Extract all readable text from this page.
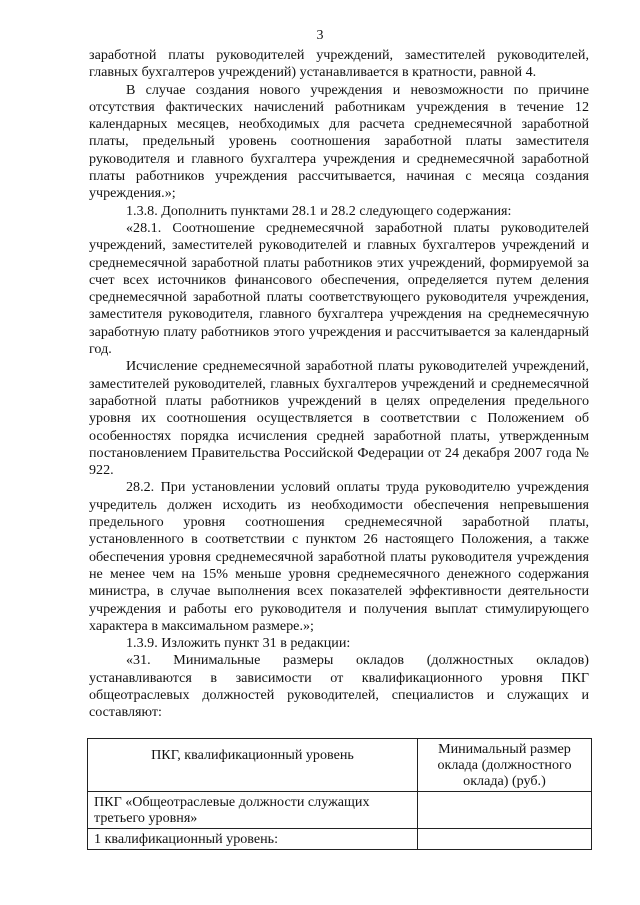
3

заработной платы руководителей учреждений, заместителей руководителей, главных бухгалтеров учреждений) устанавливается в кратности, равной 4.

В случае создания нового учреждения и невозможности по причине отсутствия фактических начислений работникам учреждения в течение 12 календарных месяцев, необходимых для расчета среднемесячной заработной платы, предельный уровень соотношения заработной платы заместителя руководителя и главного бухгалтера учреждения и среднемесячной заработной платы работников учреждения рассчитывается, начиная с месяца создания учреждения.»;

1.3.8. Дополнить пунктами 28.1 и 28.2 следующего содержания:

«28.1. Соотношение среднемесячной заработной платы руководителей учреждений, заместителей руководителей и главных бухгалтеров учреждений и среднемесячной заработной платы работников этих учреждений, формируемой за счет всех источников финансового обеспечения, определяется путем деления среднемесячной заработной платы соответствующего руководителя учреждения, заместителя руководителя, главного бухгалтера учреждения на среднемесячную заработную плату работников этого учреждения и рассчитывается за календарный год.

Исчисление среднемесячной заработной платы руководителей учреждений, заместителей руководителей, главных бухгалтеров учреждений и среднемесячной заработной платы работников учреждений в целях определения предельного уровня их соотношения осуществляется в соответствии с Положением об особенностях порядка исчисления средней заработной платы, утвержденным постановлением Правительства Российской Федерации от 24 декабря 2007 года № 922.

28.2. При установлении условий оплаты труда руководителю учреждения учредитель должен исходить из необходимости обеспечения непревышения предельного уровня соотношения среднемесячной заработной платы, установленного в соответствии с пунктом 26 настоящего Положения, а также обеспечения уровня среднемесячной заработной платы руководителя учреждения не менее чем на 15% меньше уровня среднемесячного денежного содержания министра, в случае выполнения всех показателей эффективности деятельности учреждения и работы его руководителя и получения выплат стимулирующего характера в максимальном размере.»;

1.3.9. Изложить пункт 31 в редакции:

«31. Минимальные размеры окладов (должностных окладов) устанавливаются в зависимости от квалификационного уровня ПКГ общеотраслевых должностей руководителей, специалистов и служащих и составляют:

ПКГ, квалификационный уровень	Минимальный размер оклада (должностного оклада) (руб.)
ПКГ «Общеотраслевые должности служащих третьего уровня»	
1 квалификационный уровень:	
